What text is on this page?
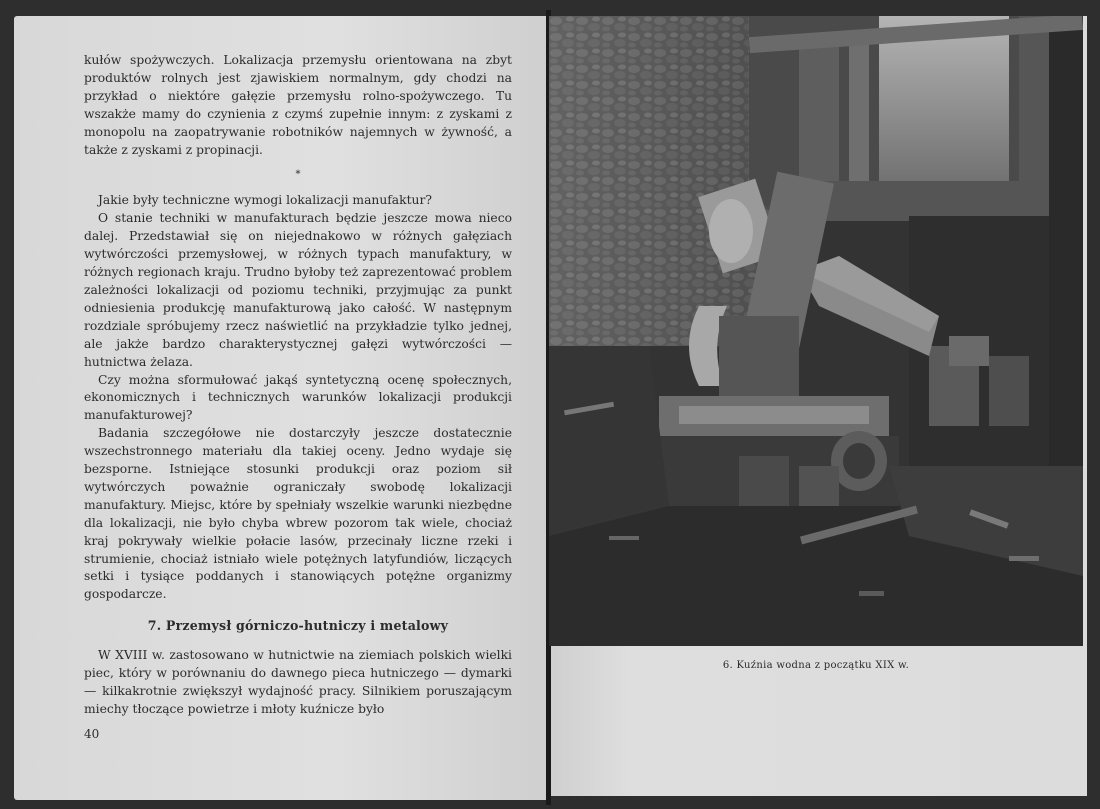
kułów spożywczych. Lokalizacja przemysłu orientowana na zbyt produktów rolnych jest zjawiskiem normalnym, gdy chodzi na przykład o niektóre gałęzie przemysłu rolno-spożywczego. Tu wszakże mamy do czynienia z czymś zupełnie innym: z zyskami z monopolu na zaopatrywanie robotników najemnych w żywność, a także z zyskami z propinacji.

*

Jakie były techniczne wymogi lokalizacji manufaktur?

O stanie techniki w manufakturach będzie jeszcze mowa nieco dalej. Przedstawiał się on niejednakowo w różnych gałęziach wytwórczości przemysłowej, w różnych typach manufaktury, w różnych regionach kraju. Trudno byłoby też zaprezentować problem zależności lokalizacji od poziomu techniki, przyjmując za punkt odniesienia produkcję manufakturową jako całość. W następnym rozdziale spróbujemy rzecz naświetlić na przykładzie tylko jednej, ale jakże bardzo charakterystycznej gałęzi wytwórczości — hutnictwa żelaza.

Czy można sformułować jakąś syntetyczną ocenę społecznych, ekonomicznych i technicznych warunków lokalizacji produkcji manufakturowej?

Badania szczegółowe nie dostarczyły jeszcze dostatecznie wszechstronnego materiału dla takiej oceny. Jedno wydaje się bezsporne. Istniejące stosunki produkcji oraz poziom sił wytwórczych poważnie ograniczały swobodę lokalizacji manufaktury. Miejsc, które by spełniały wszelkie warunki niezbędne dla lokalizacji, nie było chyba wbrew pozorom tak wiele, chociaż kraj pokrywały wielkie połacie lasów, przecinały liczne rzeki i strumienie, chociaż istniało wiele potężnych latyfundiów, liczących setki i tysiące poddanych i stanowiących potężne organizmy gospodarcze.

7. Przemysł górniczo-hutniczy i metalowy

W XVIII w. zastosowano w hutnictwie na ziemiach polskich wielki piec, który w porównaniu do dawnego pieca hutniczego — dymarki — kilkakrotnie zwiększył wydajność pracy. Silnikiem poruszającym miechy tłoczące powietrze i młoty kuźnicze było

40
6. Kuźnia wodna z początku XIX w.
